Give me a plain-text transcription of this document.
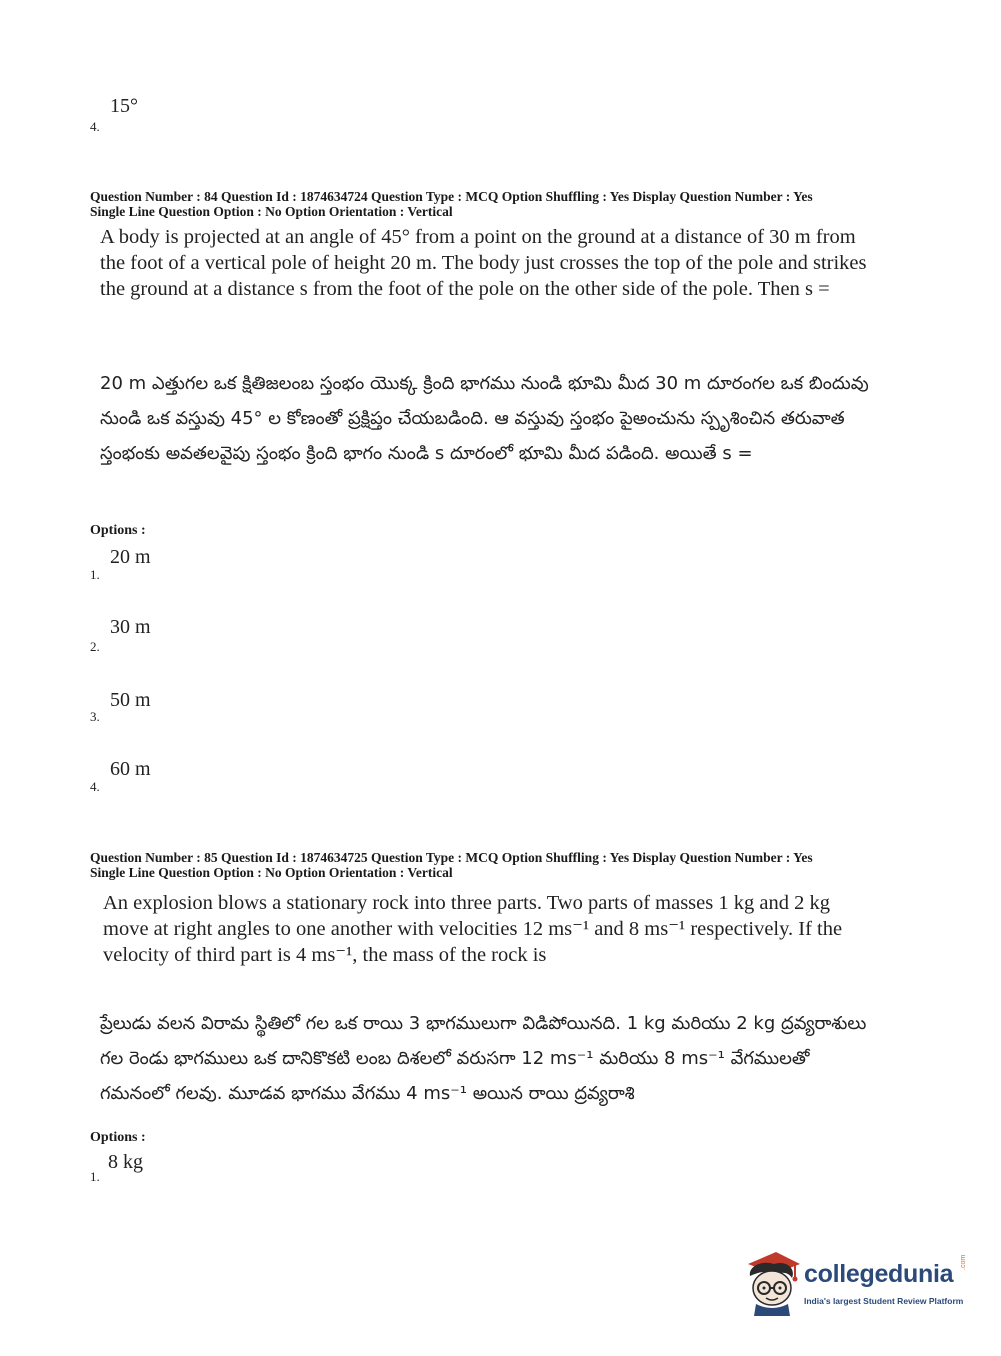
15°
4.
Question Number : 84 Question Id : 1874634724 Question Type : MCQ Option Shuffling : Yes Display Question Number : Yes
Single Line Question Option : No Option Orientation : Vertical
A body is projected at an angle of 45° from a point on the ground at a distance of 30 m from the foot of a vertical pole of height 20 m. The body just crosses the top of the pole and strikes the ground at a distance s from the foot of the pole on the other side of the pole. Then s =
20 m ఎత్తుగల ఒక క్షితిజలంబ స్తంభం యొక్క క్రింది భాగము నుండి భూమి మీద 30 m దూరంగల ఒక బిందువు నుండి ఒక వస్తువు 45° ల కోణంతో ప్రక్షిప్తం చేయబడింది. ఆ వస్తువు స్తంభం పైఅంచును స్పృశించిన తరువాత స్తంభంకు అవతలవైపు స్తంభం క్రింది భాగం నుండి s దూరంలో భూమి మీద పడింది. అయితే s =
Options :
20 m
1.
30 m
2.
50 m
3.
60 m
4.
Question Number : 85 Question Id : 1874634725 Question Type : MCQ Option Shuffling : Yes Display Question Number : Yes
Single Line Question Option : No Option Orientation : Vertical
An explosion blows a stationary rock into three parts. Two parts of masses 1 kg and 2 kg move at right angles to one another with velocities 12 ms⁻¹ and 8 ms⁻¹ respectively. If the velocity of third part is 4 ms⁻¹, the mass of the rock is
ప్రేలుడు వలన విరామ స్థితిలో గల ఒక రాయి 3 భాగములుగా విడిపోయినది. 1 kg మరియు 2 kg ద్రవ్యరాశులు గల రెండు భాగములు ఒక దానికొకటి లంబ దిశలలో వరుసగా 12 ms⁻¹ మరియు 8 ms⁻¹ వేగములతో గమనంలో గలవు. మూడవ భాగము వేగము 4 ms⁻¹ అయిన రాయి ద్రవ్యరాశి
Options :
8 kg
1.
collegedunia .com
India's largest Student Review Platform
